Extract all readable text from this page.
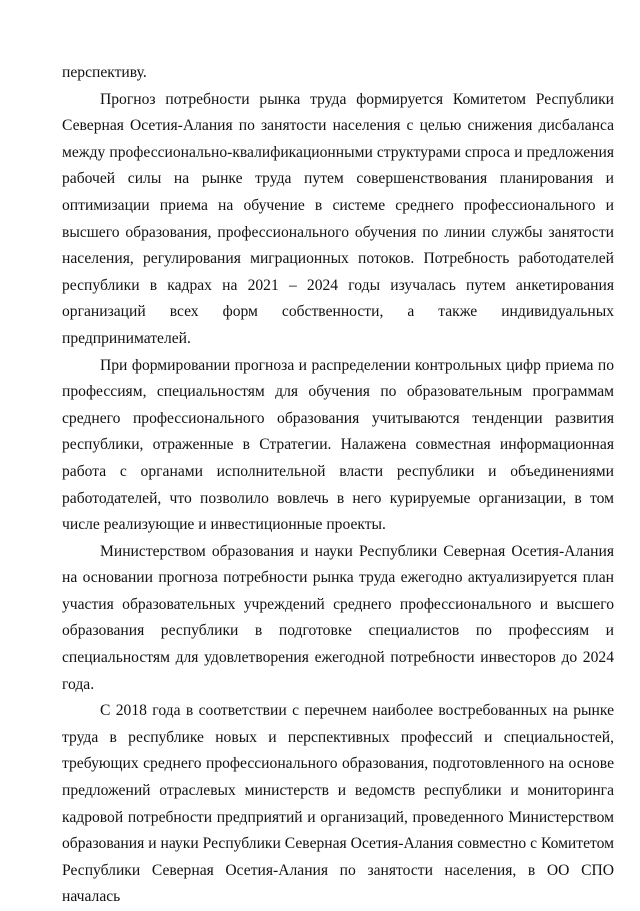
перспективу.

Прогноз потребности рынка труда формируется Комитетом Республики Северная Осетия-Алания по занятости населения с целью снижения дисбаланса между профессионально-квалификационными структурами спроса и предложения рабочей силы на рынке труда путем совершенствования планирования и оптимизации приема на обучение в системе среднего профессионального и высшего образования, профессионального обучения по линии службы занятости населения, регулирования миграционных потоков. Потребность работодателей республики в кадрах на 2021 – 2024 годы изучалась путем анкетирования организаций всех форм собственности, а также индивидуальных предпринимателей.

При формировании прогноза и распределении контрольных цифр приема по профессиям, специальностям для обучения по образовательным программам среднего профессионального образования учитываются тенденции развития республики, отраженные в Стратегии. Налажена совместная информационная работа с органами исполнительной власти республики и объединениями работодателей, что позволило вовлечь в него курируемые организации, в том числе реализующие и инвестиционные проекты.

Министерством образования и науки Республики Северная Осетия-Алания на основании прогноза потребности рынка труда ежегодно актуализируется план участия образовательных учреждений среднего профессионального и высшего образования республики в подготовке специалистов по профессиям и специальностям для удовлетворения ежегодной потребности инвесторов до 2024 года.

С 2018 года в соответствии с перечнем наиболее востребованных на рынке труда в республике новых и перспективных профессий и специальностей, требующих среднего профессионального образования, подготовленного на основе предложений отраслевых министерств и ведомств республики и мониторинга кадровой потребности предприятий и организаций, проведенного Министерством образования и науки Республики Северная Осетия-Алания совместно с Комитетом Республики Северная Осетия-Алания по занятости населения, в ОО СПО началась
